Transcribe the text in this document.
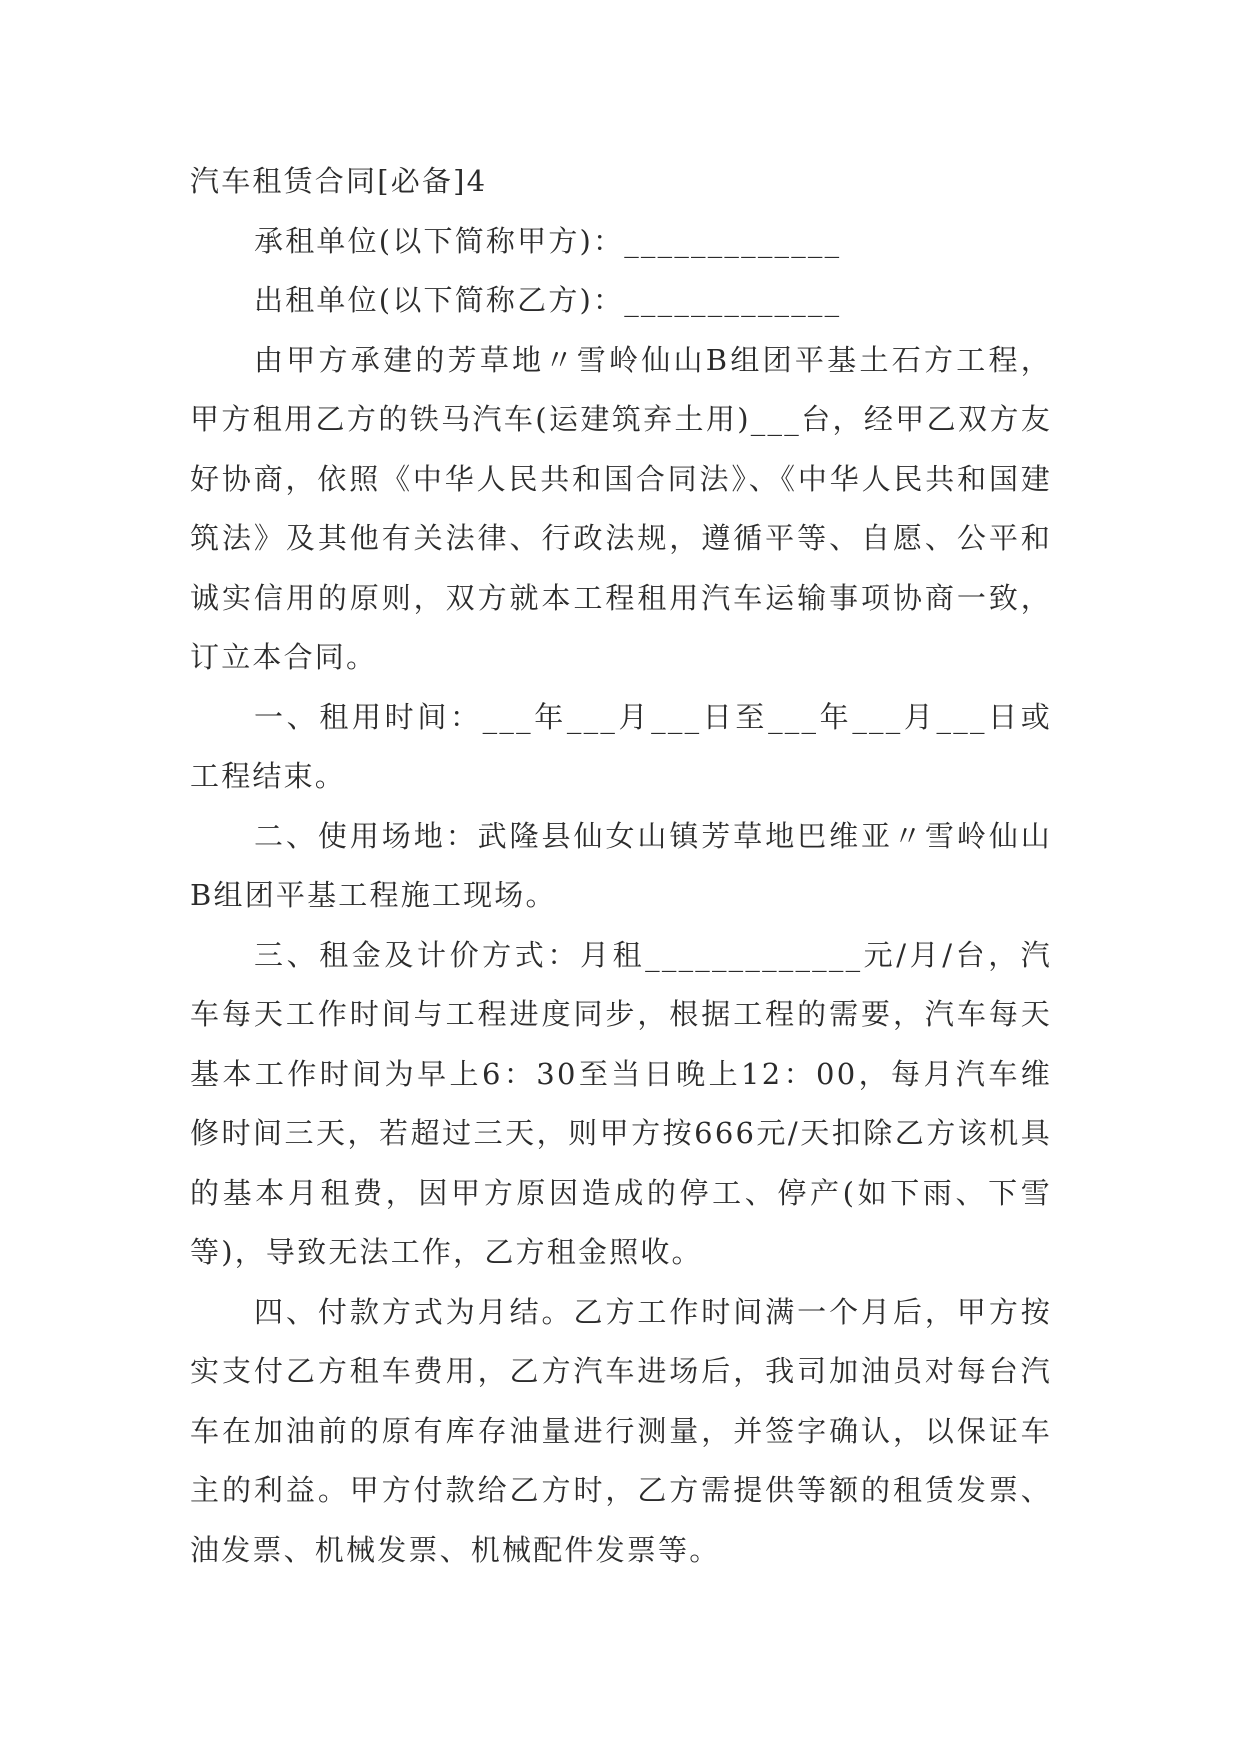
汽车租赁合同[必备]4

承租单位(以下简称甲方)：_____________

出租单位(以下简称乙方)：_____________

由甲方承建的芳草地〃雪岭仙山B组团平基土石方工程，甲方租用乙方的铁马汽车(运建筑弃土用)___台，经甲乙双方友好协商，依照《中华人民共和国合同法》、《中华人民共和国建筑法》及其他有关法律、行政法规，遵循平等、自愿、公平和诚实信用的原则，双方就本工程租用汽车运输事项协商一致，订立本合同。

一、租用时间：___年___月___日至___年___月___日或工程结束。

二、使用场地：武隆县仙女山镇芳草地巴维亚〃雪岭仙山B组团平基工程施工现场。

三、租金及计价方式：月租_____________元/月/台，汽车每天工作时间与工程进度同步，根据工程的需要，汽车每天基本工作时间为早上6：30至当日晚上12：00，每月汽车维修时间三天，若超过三天，则甲方按666元/天扣除乙方该机具的基本月租费，因甲方原因造成的停工、停产(如下雨、下雪等)，导致无法工作，乙方租金照收。

四、付款方式为月结。乙方工作时间满一个月后，甲方按实支付乙方租车费用，乙方汽车进场后，我司加油员对每台汽车在加油前的原有库存油量进行测量，并签字确认，以保证车主的利益。甲方付款给乙方时，乙方需提供等额的租赁发票、油发票、机械发票、机械配件发票等。
